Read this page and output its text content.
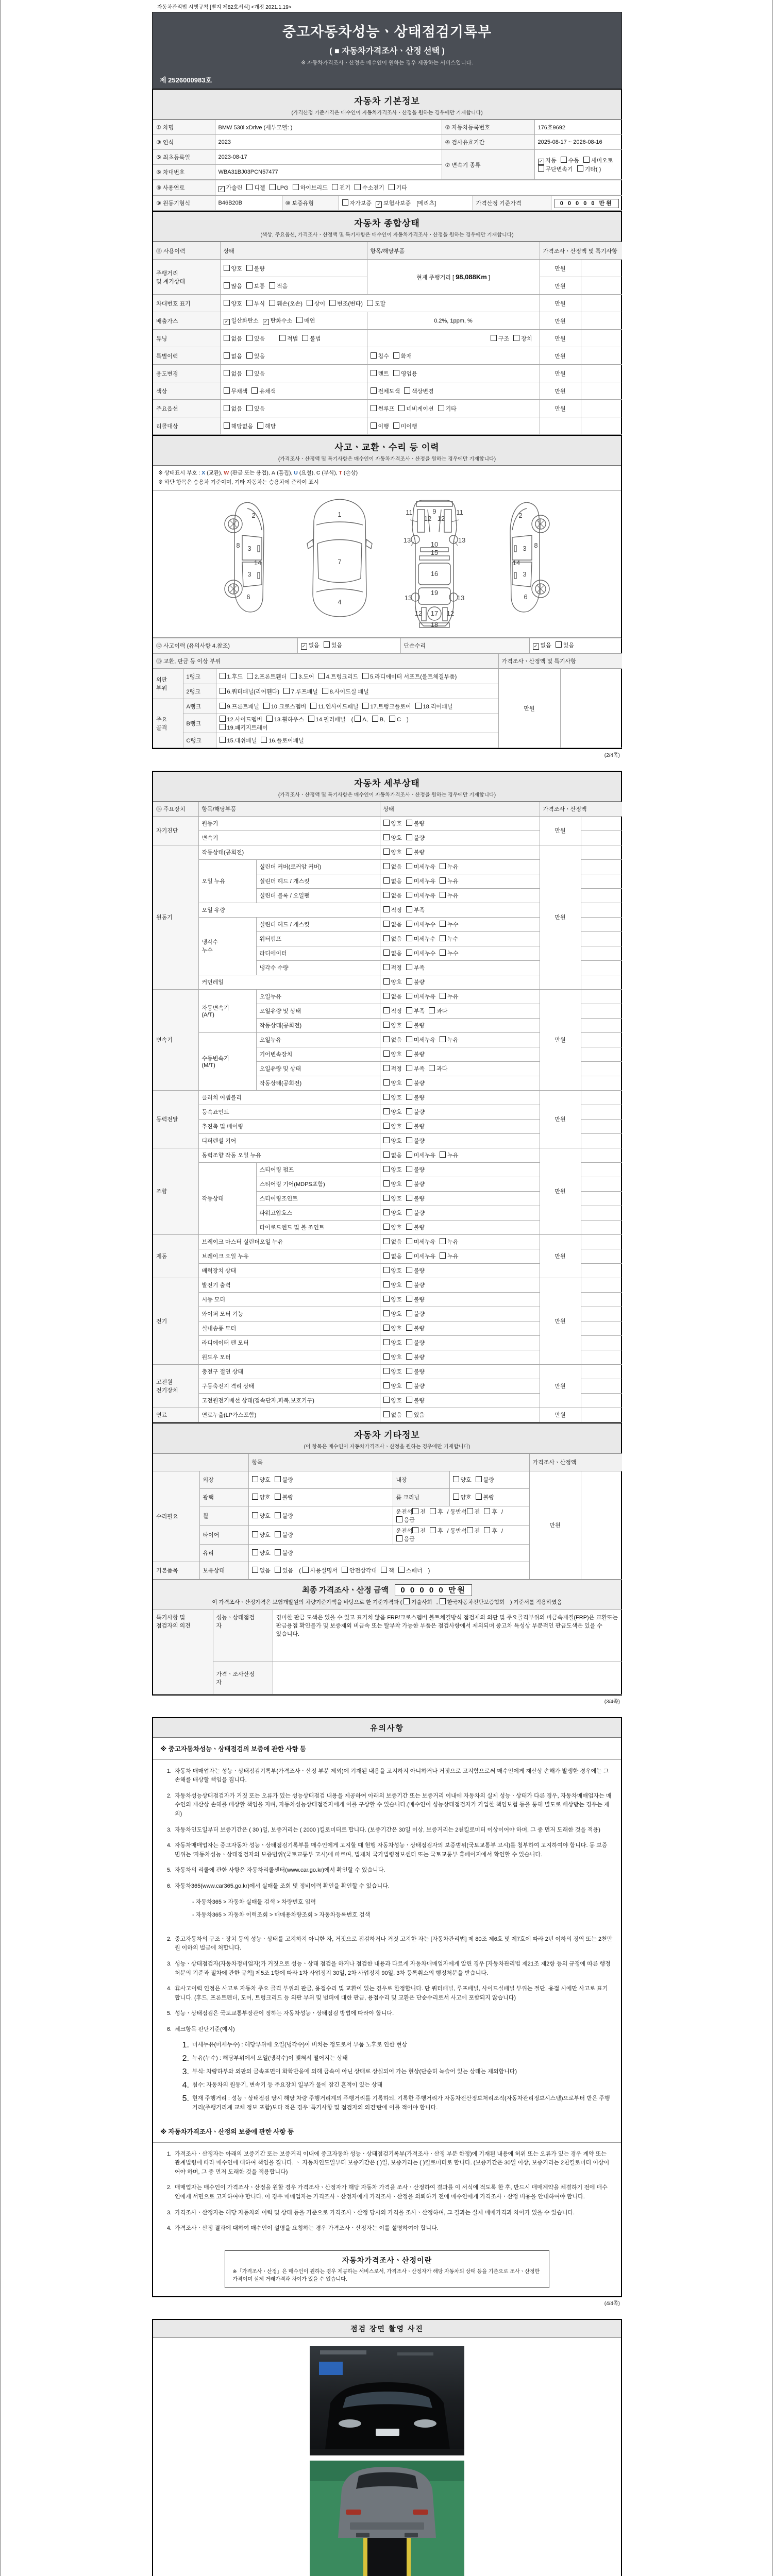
자동차관리법 시행규칙 [별지 제82호서식] <개정 2021.1.19>
중고자동차성능ㆍ상태점검기록부
( ■ 자동차가격조사ㆍ산정 선택 )
※ 자동차가격조사ㆍ산정은 매수인이 원하는 경우 제공하는 서비스입니다.
제 2526000983호
자동차 기본정보
(가격산정 기준가격은 매수인이 자동차가격조사ㆍ산정을 원하는 경우에만 기재합니다)
① 차명	BMW 530i xDrive (세부모델: )	② 자동차등록번호	176호9692
③ 연식	2023	④ 검사유효기간	2025-08-17 ~ 2026-08-16
⑤ 최초등록일	2023-08-17	⑦ 변속기 종류	✓자동 수동 세미오토
무단변속기 기타( )
⑥ 차대번호	WBA31BJ03PCN57477		
⑧ 사용연료	✓가솔린 디젤 LPG 하이브리드 전기 수소전기 기타
⑨ 원동기형식	B46B20B	⑩ 보증유형	자가보증 ✓ 보험사보증 [메리츠]	가격산정 기준가격	0 0 0 0 0 만원
자동차 종합상태
(색상, 주요옵션, 가격조사ㆍ산정액 및 특기사항은 매수인이 자동차가격조사ㆍ산정을 원하는 경우에만 기재합니다)
⑪ 사용이력	상태	항목/해당부품	가격조사ㆍ산정액 및 특기사항	
주행거리
및 계기상태	양호 불량	현재 주행거리 [ 98,088Km ]	만원	
	많음 보통 적음		만원	
차대번호 표기	양호 부식 훼손(오손) 상이 변조(변타) 도말		만원	
배출가스	✓일산화탄소 ✓ 탄화수소 매연	0.2%, 1ppm, %	만원	
튜닝	없음 있음 적법 불법	구조 장치	만원	
특별이력	없음 있음	침수 화재	만원	
용도변경	없음 있음	렌트 영업용	만원	
색상	무채색 유채색	전체도색 색상변경	만원	
주요옵션	없음 있음	썬루프 네비게이션 기타	만원	
리콜대상	해당없음 해당	이행 미이행		
사고ㆍ교환ㆍ수리 등 이력
(가격조사ㆍ산정액 및 특기사항은 매수인이 자동차가격조사ㆍ산정을 원하는 경우에만 기재합니다)
※ 상태표시 부호 : X (교환), W (판금 또는 용접), A (흠집), U (요철), C (부식), T (손상)
※ 하단 항목은 승용차 기준이며, 기타 자동차는 승용차에 준하여 표시
2
8 3
14
3
6
1
7
4
9
11	11
12 12
13	13
10
15
16
19
13	13
17
12	12
18
2
8
3
14
3
6
⑫ 사고이력 (유의사항 4.참조)	✓없음 있음	단순수리	✓없음 있음
⑬ 교환, 판금 등 이상 부위	가격조사ㆍ산정액 및 특기사항
외판
부위	1랭크	1.후드 2.프론트휀더 3.도어 4.트렁크리드 5.라디에이터 서포트(볼트체결부품)	만원	
	2랭크	6.쿼터패널(리어휀다) 7.루프패널 8.사이드실 패널		
주요
골격	A랭크	9.프론트패널 10.크로스멤버 11.인사이드패널 17.트렁크플로어 18.리어패널		
	B랭크	12.사이드멤버 13.휠하우스 14.필러패널 ( A, B, C )
19.패키지트레이		
	C랭크	15.대쉬패널 16.플로어패널		
(2/4쪽)
자동차 세부상태
(가격조사ㆍ산정액 및 특기사항은 매수인이 자동차가격조사ㆍ산정을 원하는 경우에만 기재합니다)
⑭ 주요장치	항목/해당부품		상태	가격조사ㆍ산정액	
자기진단	원동기		양호 불량	만원	
	변속기		양호 불량		
원동기	작동상태(공회전)		양호 불량	만원	
	오일 누유	실린더 커버(로커암 커버)	없음 미세누유 누유		
		실린더 헤드 / 개스킷	없음 미세누유 누유		
		실린더 블록 / 오일팬	없음 미세누유 누유		
	오일 유량		적정 부족		
	냉각수
누수	실린더 헤드 / 개스킷	없음 미세누수 누수		
		워터펌프	없음 미세누수 누수		
		라디에이터	없음 미세누수 누수		
		냉각수 수량	적정 부족		
	커먼레일		양호 불량		
변속기	자동변속기
(A/T)	오일누유	없음 미세누유 누유	만원	
		오일유량 및 상태	적정 부족 과다		
		작동상태(공회전)	양호 불량		
	수동변속기
(M/T)	오일누유	없음 미세누유 누유		
		기어변속장치	양호 불량		
		오일유량 및 상태	적정 부족 과다		
		작동상태(공회전)	양호 불량		
동력전달	클러치 어셈블리		양호 불량	만원	
	등속죠인트		양호 불량		
	추진축 및 베어링		양호 불량		
	디퍼렌셜 기어		양호 불량		
조향	동력조향 작동 오일 누유		없음 미세누유 누유	만원	
	작동상태	스티어링 펌프	양호 불량		
		스티어링 기어(MDPS포함)	양호 불량		
		스티어링조인트	양호 불량		
		파워고압호스	양호 불량		
		타이로드엔드 및 볼 조인트	양호 불량		
제동	브레이크 마스터 실린더오일 누유		없음 미세누유 누유	만원	
	브레이크 오일 누유		없음 미세누유 누유		
	배력장치 상태		양호 불량		
전기	발전기 출력		양호 불량	만원	
	시동 모터		양호 불량		
	와이퍼 모터 기능		양호 불량		
	실내송풍 모터		양호 불량		
	라디에이터 팬 모터		양호 불량		
	윈도우 모터		양호 불량		
고전원
전기장치	충전구 절연 상태		양호 불량	만원	
	구동축전지 격리 상태		양호 불량		
	고전원전기배선 상태(접속단자,피복,보호기구)		양호 불량		
연료	연료누출(LP가스포함)		없음 있음	만원	
자동차 기타정보
(이 항목은 매수인이 자동차가격조사ㆍ산정을 원하는 경우에만 기재합니다)
		항목			가격조사ㆍ산정액	
수리필요	외장	양호 불량	내장	양호 불량	만원	
	광택	양호 불량	룸 크리닝	양호 불량		
	휠	양호 불량	운전석 전 후 / 동반석 전 후 / 응급			
	타이어	양호 불량	운전석 전 후 / 동반석 전 후 / 응급			
	유리	양호 불량				
기본품목	보유상태	없음 있음 ( 사용설명서 안전삼각대 잭 스패너 )				
최종 가격조사ㆍ산정 금액 0 0 0 0 0 만원
이 가격조사ㆍ산정가격은 보험개발원의 차량기준가액을 바탕으로 한 기준가격과 ( 기술사회 , 한국자동차진단보증협회 ) 기준서를 적용하였음
특기사항 및
점검자의 의견	성능ㆍ상태점검
자	경미한 판금 도색은 있을 수 있고 표기치 않음 FRP/크로스멤버 볼트체결방식 점검제외 외판 및 주요골격부위의 비금속재질(FRP)은 교환또는 판금용접 확인불가 및 보증제외 비금속 또는 탈부착 가능한 부품은 점검사항에서 제외되며 중고차 특성상 부분적인 판금도색은 있을 수 있습니다.
	가격ㆍ조사산정
자	
(3/4쪽)
유의사항
※ 중고자동차성능ㆍ상태점검의 보증에 관한 사항 등
1. 자동차 매매업자는 성능ㆍ상태점검기록부(가격조사ㆍ산정 부분 제외)에 기재된 내용을 고지하지 아니하거나 거짓으로 고지함으로써 매수인에게 재산상 손해가 발생한 경우에는 그 손해를 배상할 책임을 집니다.
2. 자동차성능상태점검자가 거짓 또는 오류가 있는 성능상태점검 내용을 제공하여 아래의 보증기간 또는 보증거리 이내에 자동차의 실제 성능ㆍ상태가 다른 경우, 자동차매매업자는 매수인의 재산상 손해를 배상할 책임을 지며, 자동차성능상태점검자에게 이를 구상할 수 있습니다.(매수인이 성능상태점검자가 가입한 책임보험 등을 통해 별도로 배상받는 경우는 제외)
3. 자동차인도일부터 보증기간은 ( 30 )일, 보증거리는 ( 2000 )킬로미터로 합니다. (보증기간은 30일 이상, 보증거리는 2천킬로미터 이상이어야 하며, 그 중 먼저 도래한 것을 적용)
4. 자동차매매업자는 중고자동차 성능ㆍ상태점검기록부를 매수인에게 고지할 때 현행 자동차성능ㆍ상태점검자의 보증범위(국토교통부 고시)를 첨부하여 고지하여야 합니다. 동 보증범위는 '자동차성능ㆍ상태점검자의 보증범위'(국토교통부 고시)에 따르며, 법제처 국가법령정보센터 또는 국토교통부 홈페이지에서 확인할 수 있습니다.
5. 자동차의 리콜에 관한 사항은 자동차리콜센터(www.car.go.kr)에서 확인할 수 있습니다.
6. 자동차365(www.car365.go.kr)에서 실매물 조회 및 정비이력 확인을 확인할 수 있습니다.
- 자동차365 > 자동차 실매물 검색 > 차량번호 입력
- 자동차365 > 자동차 이력조회 > 매매용차량조회 > 자동차등록번호 검색
2. 중고자동차의 구조ㆍ장치 등의 성능ㆍ상태를 고지하지 아니한 자, 거짓으로 점검하거나 거짓 고지한 자는 [자동차관리법] 제 80조 제6호 및 제7호에 따라 2년 이하의 징역 또는 2천만원 이하의 벌금에 처합니다.
3. 성능ㆍ상태점검자(자동차정비업자)가 거짓으로 성능ㆍ상태 점검을 하거나 점검한 내용과 다르게 자동차매매업자에게 알린 경우 [자동차관리법 제21조 제2항 등의 규정에 따른 행정처분의 기준과 절차에 관한 규칙] 제5조 1항에 따라 1차 사업정지 30일, 2차 사업정지 90일, 3차 등록취소의 행정처분을 받습니다.
4. ⑫사고이력 인정은 사고로 자동차 주요 골격 부위의 판금, 용접수리 및 교환이 있는 경우로 한정합니다. 단 쿼터패널, 루프패널, 사이드실패널 부위는 절단, 용접 시에만 사고로 표기합니다. (후드, 프론트펜더, 도어, 트렁크리드 등 외판 부위 및 범퍼에 대한 판금, 용접수리 및 교환은 단순수리로서 사고에 포함되지 않습니다)
5. 성능ㆍ상태점검은 국토교통부장관이 정하는 자동차성능ㆍ상태점검 방법에 따라야 합니다.
6. 체크항목 판단기준(예시)
1. 미세누유(미세누수) : 해당부위에 오일(냉각수)이 비치는 정도로서 부품 노후로 인한 현상
2. 누유(누수) : 해당부위에서 오일(냉각수)이 맺혀서 떨어지는 상태
3. 부식: 차량하부와 외판의 금속표면이 화학반응에 의해 금속이 아닌 상태로 상실되어 가는 현상(단순히 녹슬어 있는 상태는 제외합니다)
4. 침수: 자동차의 원동기, 변속기 등 주요장치 일부가 물에 잠긴 흔적이 있는 상태
5. 현재 주행거리 : 성능ㆍ상태점검 당시 해당 차량 주행거리계의 주행거리를 기록하되, 기록한 주행거리가 자동차전산정보처리조직(자동차관리정보시스템)으로부터 받은 주행거리(주행거리계 교체 정보 포함)보다 적은 경우 '특기사항 및 점검자의 의견'란에 이를 적어야 합니다.
※ 자동차가격조사ㆍ산정의 보증에 관한 사항 등
1. 가격조사ㆍ산정자는 아래의 보증기간 또는 보증거리 이내에 중고자동차 성능ㆍ상태점검기록부(가격조사ㆍ산정 부분 한정)에 기재된 내용에 허위 또는 오류가 있는 경우 계약 또는 관계법령에 따라 매수인에 대하여 책임을 집니다. ㆍ 자동차인도일부터 보증기간은 ( )일, 보증거리는 ( )킬로미터로 합니다. (보증기간은 30일 이상, 보증거리는 2천킬로미터 이상이어야 하며, 그 중 먼저 도래한 것을 적용합니다)
2. 매매업자는 매수인이 가격조사ㆍ산정을 원할 경우 가격조사ㆍ산정자가 해당 자동차 가격을 조사ㆍ산정하여 결과를 이 서식에 적도록 한 후, 반드시 매매계약을 체결하기 전에 매수인에게 서면으로 고지하여야 합니다. 이 경우 매매업자는 가격조사ㆍ산정자에게 가격조사ㆍ산정을 의뢰하기 전에 매수인에게 가격조사ㆍ산정 비용을 안내하여야 합니다.
3. 가격조사ㆍ산정자는 해당 자동차의 이력 및 상태 등을 기준으로 가격조사ㆍ산정 당시의 가격을 조사ㆍ산정하며, 그 결과는 실제 매매가격과 차이가 있을 수 있습니다.
4. 가격조사ㆍ산정 결과에 대하여 매수인이 설명을 요청하는 경우 가격조사ㆍ산정자는 이를 설명하여야 합니다.
자동차가격조사ㆍ산정이란
※「가격조사ㆍ산정」은 매수인이 원하는 경우 제공하는 서비스로서, 가격조사ㆍ산정자가 해당 자동차의 상태 등을 기준으로 조사ㆍ산정한 가격이며 실제 거래가격과 차이가 있을 수 있습니다.
(4/4쪽)
점검 장면 촬영 사진
